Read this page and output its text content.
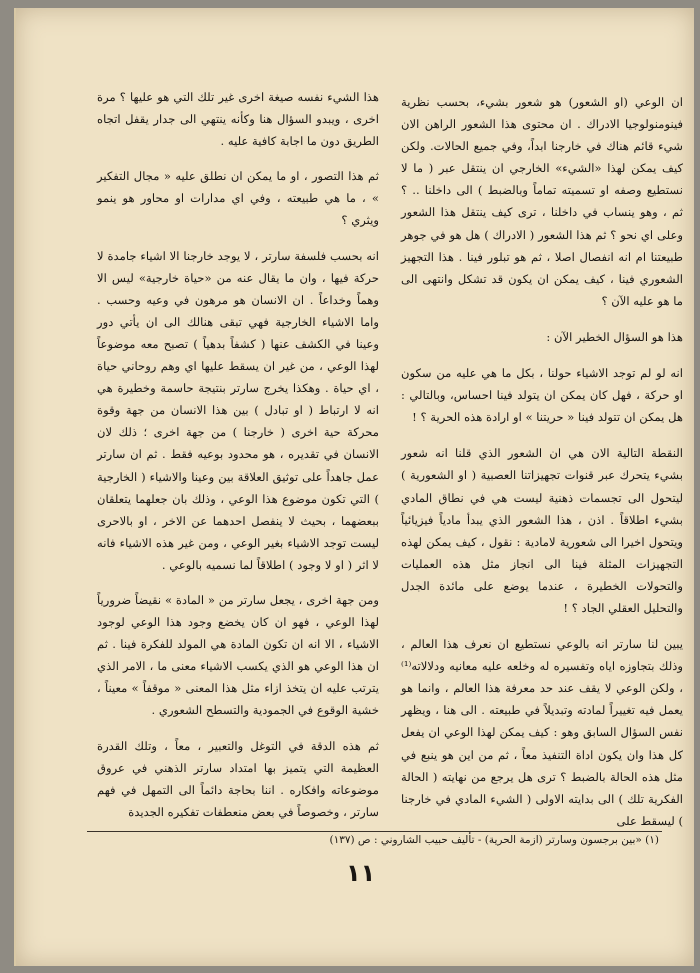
ان الوعي (او الشعور) هو شعور بشيء، بحسب نظرية فينومنولوجيا الادراك . ان محتوى هذا الشعور الراهن الان شيء قائم هناك في خارجنا ابداً، وفي جميع الحالات. ولكن كيف يمكن لهذا «الشيء» الخارجي ان ينتقل عبر ( ما لا نستطيع وصفه او تسميته تماماً وبالضبط ) الى داخلنا .. ؟ ثم ، وهو ينساب في داخلنا ، ترى كيف ينتقل هذا الشعور وعلى اي نحو ؟ ثم هذا الشعور ( الادراك ) هل هو في جوهر طبيعتنا ام انه انفصال اصلا ، ثم هو تبلور فينا . هذا التجهيز الشعوري فينا ، كيف يمكن ان يكون قد تشكل وانتهى الى ما هو عليه الآن ؟

هذا هو السؤال الخطير الآن :

انه لو لم توجد الاشياء حولنا ، بكل ما هي عليه من سكون او حركة ، فهل كان يمكن ان يتولد فينا احساس، وبالتالي : هل يمكن ان تتولد فينا « حريتنا » او ارادة هذه الحرية ؟ !

النقطة التالية الان هي ان الشعور الذي قلنا انه شعور بشيء يتحرك عبر قنوات تجهيزاتنا العصبية ( او الشعورية ) ليتحول الى تجسمات ذهنية ليست هي في نطاق المادي بشيء اطلاقاً . اذن ، هذا الشعور الذي يبدأ مادياً فيزيائياً ويتحول اخيرا الى شعورية لامادية : نقول ، كيف يمكن لهذه التجهيزات المثلة فينا الى انجاز مثل هذه العمليات والتحولات الخطيرة ، عندما يوضع على مائدة الجدل والتحليل العقلي الجاد ؟ !

يبين لنا سارتر انه بالوعي نستطيع ان نعرف هذا العالم ، وذلك بتجاوزه اياه وتفسيره له وخلعه عليه معانيه ودلالاته⁽¹⁾ ، ولكن الوعي لا يقف عند حد معرفة هذا العالم ، وانما هو يعمل فيه تغييراً لمادته وتبديلاً في طبيعته . الى هنا ، ويظهر نفس السؤال السابق وهو : كيف يمكن لهذا الوعي ان يفعل كل هذا وان يكون اداة التنفيذ معاً ، ثم من اين هو ينبع في مثل هذه الحالة بالضبط ؟ ترى هل يرجع من نهايته ( الحالة الفكرية تلك ) الى بدايته الاولى ( الشيء المادي في خارجنا ) ليسقط على

هذا الشيء نفسه صيغة اخرى غير تلك التي هو عليها ؟ مرة اخرى ، ويبدو السؤال هنا وكأنه ينتهي الى جدار يقفل اتجاه الطريق دون ما اجابة كافية عليه .

ثم هذا التصور ، او ما يمكن ان نطلق عليه « مجال التفكير » ، ما هي طبيعته ، وفي اي مدارات او محاور هو ينمو ويثري ؟

انه بحسب فلسفة سارتر ، لا يوجد خارجنا الا اشياء جامدة لا حركة فيها ، وان ما يقال عنه من «حياة خارجية» ليس الا وهماً وخداعاً . ان الانسان هو مرهون في وعيه وحسب . واما الاشياء الخارجية فهي تبقى هنالك الى ان يأتي دور وعينا في الكشف عنها ( كشفاً بدهياً ) تصبح معه موضوعاً لهذا الوعي ، من غير ان يسقط عليها اي وهم روحاني حياة ، اي حياة . وهكذا يخرج سارتر بنتيجة حاسمة وخطيرة هي انه لا ارتباط ( او تبادل ) بين هذا الانسان من جهة وقوة محركة حية اخرى ( خارجنا ) من جهة اخرى ؛ ذلك لان الانسان في تقديره ، هو محدود بوعيه فقط . ثم ان سارتر عمل جاهداً على توثيق العلاقة بين وعينا والاشياء ( الخارجية ) التي تكون موضوع هذا الوعي ، وذلك بان جعلهما يتعلقان ببعضهما ، بحيث لا ينفصل احدهما عن الاخر ، او بالاحرى ليست توجد الاشياء بغير الوعي ، ومن غير هذه الاشياء فانه لا اثر ( او لا وجود ) اطلاقاً لما نسميه بالوعي .

ومن جهة اخرى ، يجعل سارتر من « المادة » نقيضاً ضرورياً لهذا الوعي ، فهو ان كان يخضع وجود هذا الوعي لوجود الاشياء ، الا انه ان تكون المادة هي المولد للفكرة فينا . ثم ان هذا الوعي هو الذي يكسب الاشياء معنى ما ، الامر الذي يترتب عليه ان يتخذ ازاء مثل هذا المعنى « موقفاً » معيناً ، خشية الوقوع في الجمودية والتسطح الشعوري .

ثم هذه الدقة في التوغل والتعبير ، معاً ، وتلك القدرة العظيمة التي يتميز بها امتداد سارتر الذهني في عروق موضوعاته وافكاره . اننا بحاجة دائماً الى التمهل في فهم سارتر ، وخصوصاً في بعض منعطفات تفكيره الجديدة

(١) «بين برجسون وسارتر (ازمة الحرية) - تأليف حبيب الشاروني : ص (١٣٧)
١١
